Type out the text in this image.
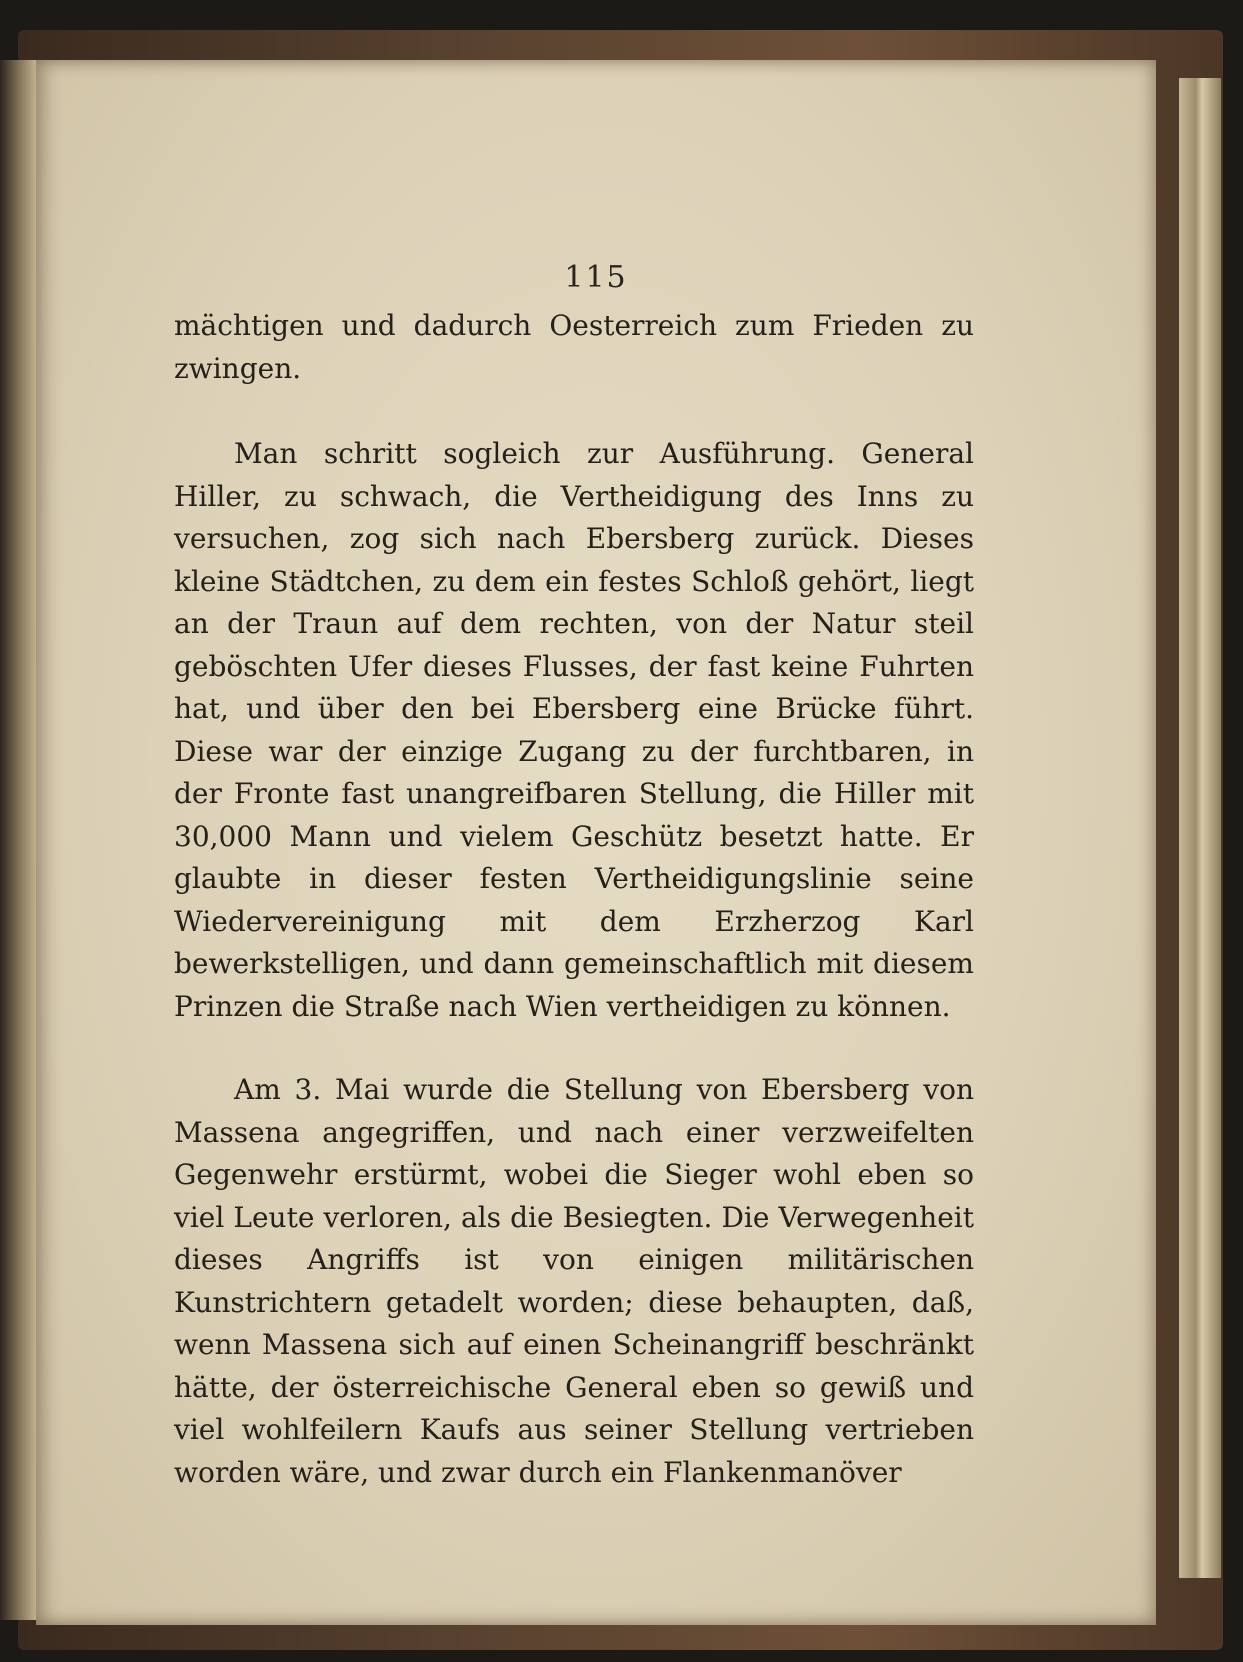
115

mächtigen und dadurch Oesterreich zum Frieden zu zwingen.

Man schritt sogleich zur Ausführung. General Hiller, zu schwach, die Vertheidigung des Inns zu versuchen, zog sich nach Ebersberg zurück. Dieses kleine Städtchen, zu dem ein festes Schloß gehört, liegt an der Traun auf dem rechten, von der Natur steil geböschten Ufer dieses Flusses, der fast keine Fuhrten hat, und über den bei Ebersberg eine Brücke führt. Diese war der einzige Zugang zu der furchtbaren, in der Fronte fast unangreifbaren Stellung, die Hiller mit 30,000 Mann und vielem Geschütz besetzt hatte. Er glaubte in dieser festen Vertheidigungslinie seine Wiedervereinigung mit dem Erzherzog Karl bewerkstelligen, und dann gemeinschaftlich mit diesem Prinzen die Straße nach Wien vertheidigen zu können.

Am 3. Mai wurde die Stellung von Ebersberg von Massena angegriffen, und nach einer verzweifelten Gegenwehr erstürmt, wobei die Sieger wohl eben so viel Leute verloren, als die Besiegten. Die Verwegenheit dieses Angriffs ist von einigen militärischen Kunstrichtern getadelt worden; diese behaupten, daß, wenn Massena sich auf einen Scheinangriff beschränkt hätte, der österreichische General eben so gewiß und viel wohlfeilern Kaufs aus seiner Stellung vertrieben worden wäre, und zwar durch ein Flankenmanöver
